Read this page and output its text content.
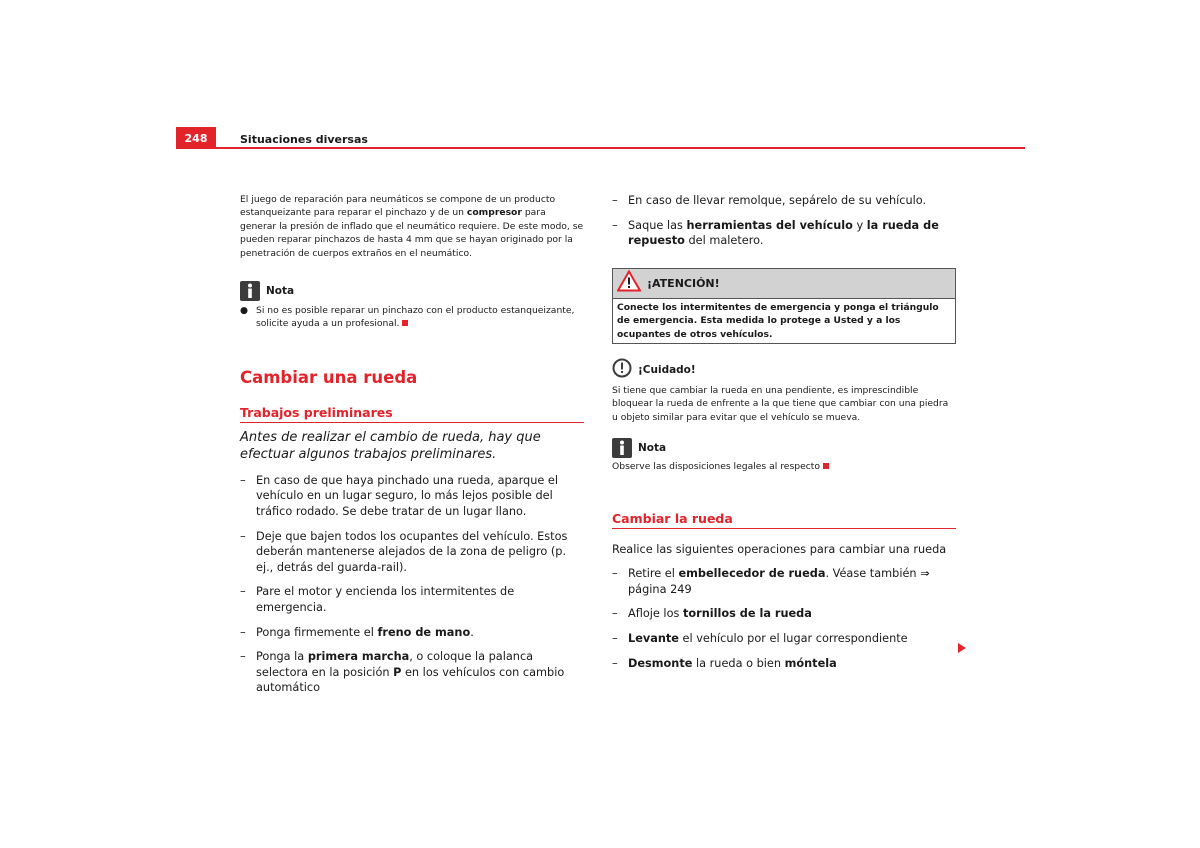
248	Situaciones diversas

El juego de reparación para neumáticos se compone de un producto estanqueizante para reparar el pinchazo y de un compresor para generar la presión de inflado que el neumático requiere. De este modo, se pueden reparar pinchazos de hasta 4 mm que se hayan originado por la penetración de cuerpos extraños en el neumático.

Nota
● Si no es posible reparar un pinchazo con el producto estanqueizante, solicite ayuda a un profesional.

Cambiar una rueda
Trabajos preliminares

Antes de realizar el cambio de rueda, hay que efectuar algunos trabajos preliminares.

– En caso de que haya pinchado una rueda, aparque el vehículo en un lugar seguro, lo más lejos posible del tráfico rodado. Se debe tratar de un lugar llano.
– Deje que bajen todos los ocupantes del vehículo. Estos deberán mantenerse alejados de la zona de peligro (p. ej., detrás del guarda-rail).
– Pare el motor y encienda los intermitentes de emergencia.
– Ponga firmemente el freno de mano.
– Ponga la primera marcha, o coloque la palanca selectora en la posición P en los vehículos con cambio automático
– En caso de llevar remolque, sepárelo de su vehículo.
– Saque las herramientas del vehículo y la rueda de repuesto del maletero.
¡ATENCIÓN!
Conecte los intermitentes de emergencia y ponga el triángulo de emergencia. Esta medida lo protege a Usted y a los ocupantes de otros vehículos.
¡Cuidado!

Si tiene que cambiar la rueda en una pendiente, es imprescindible bloquear la rueda de enfrente a la que tiene que cambiar con una piedra u objeto similar para evitar que el vehículo se mueva.

Nota

Observe las disposiciones legales al respecto

Cambiar la rueda

Realice las siguientes operaciones para cambiar una rueda

– Retire el embellecedor de rueda. Véase también ⇒ página 249
– Afloje los tornillos de la rueda
– Levante el vehículo por el lugar correspondiente
– Desmonte la rueda o bien móntela
